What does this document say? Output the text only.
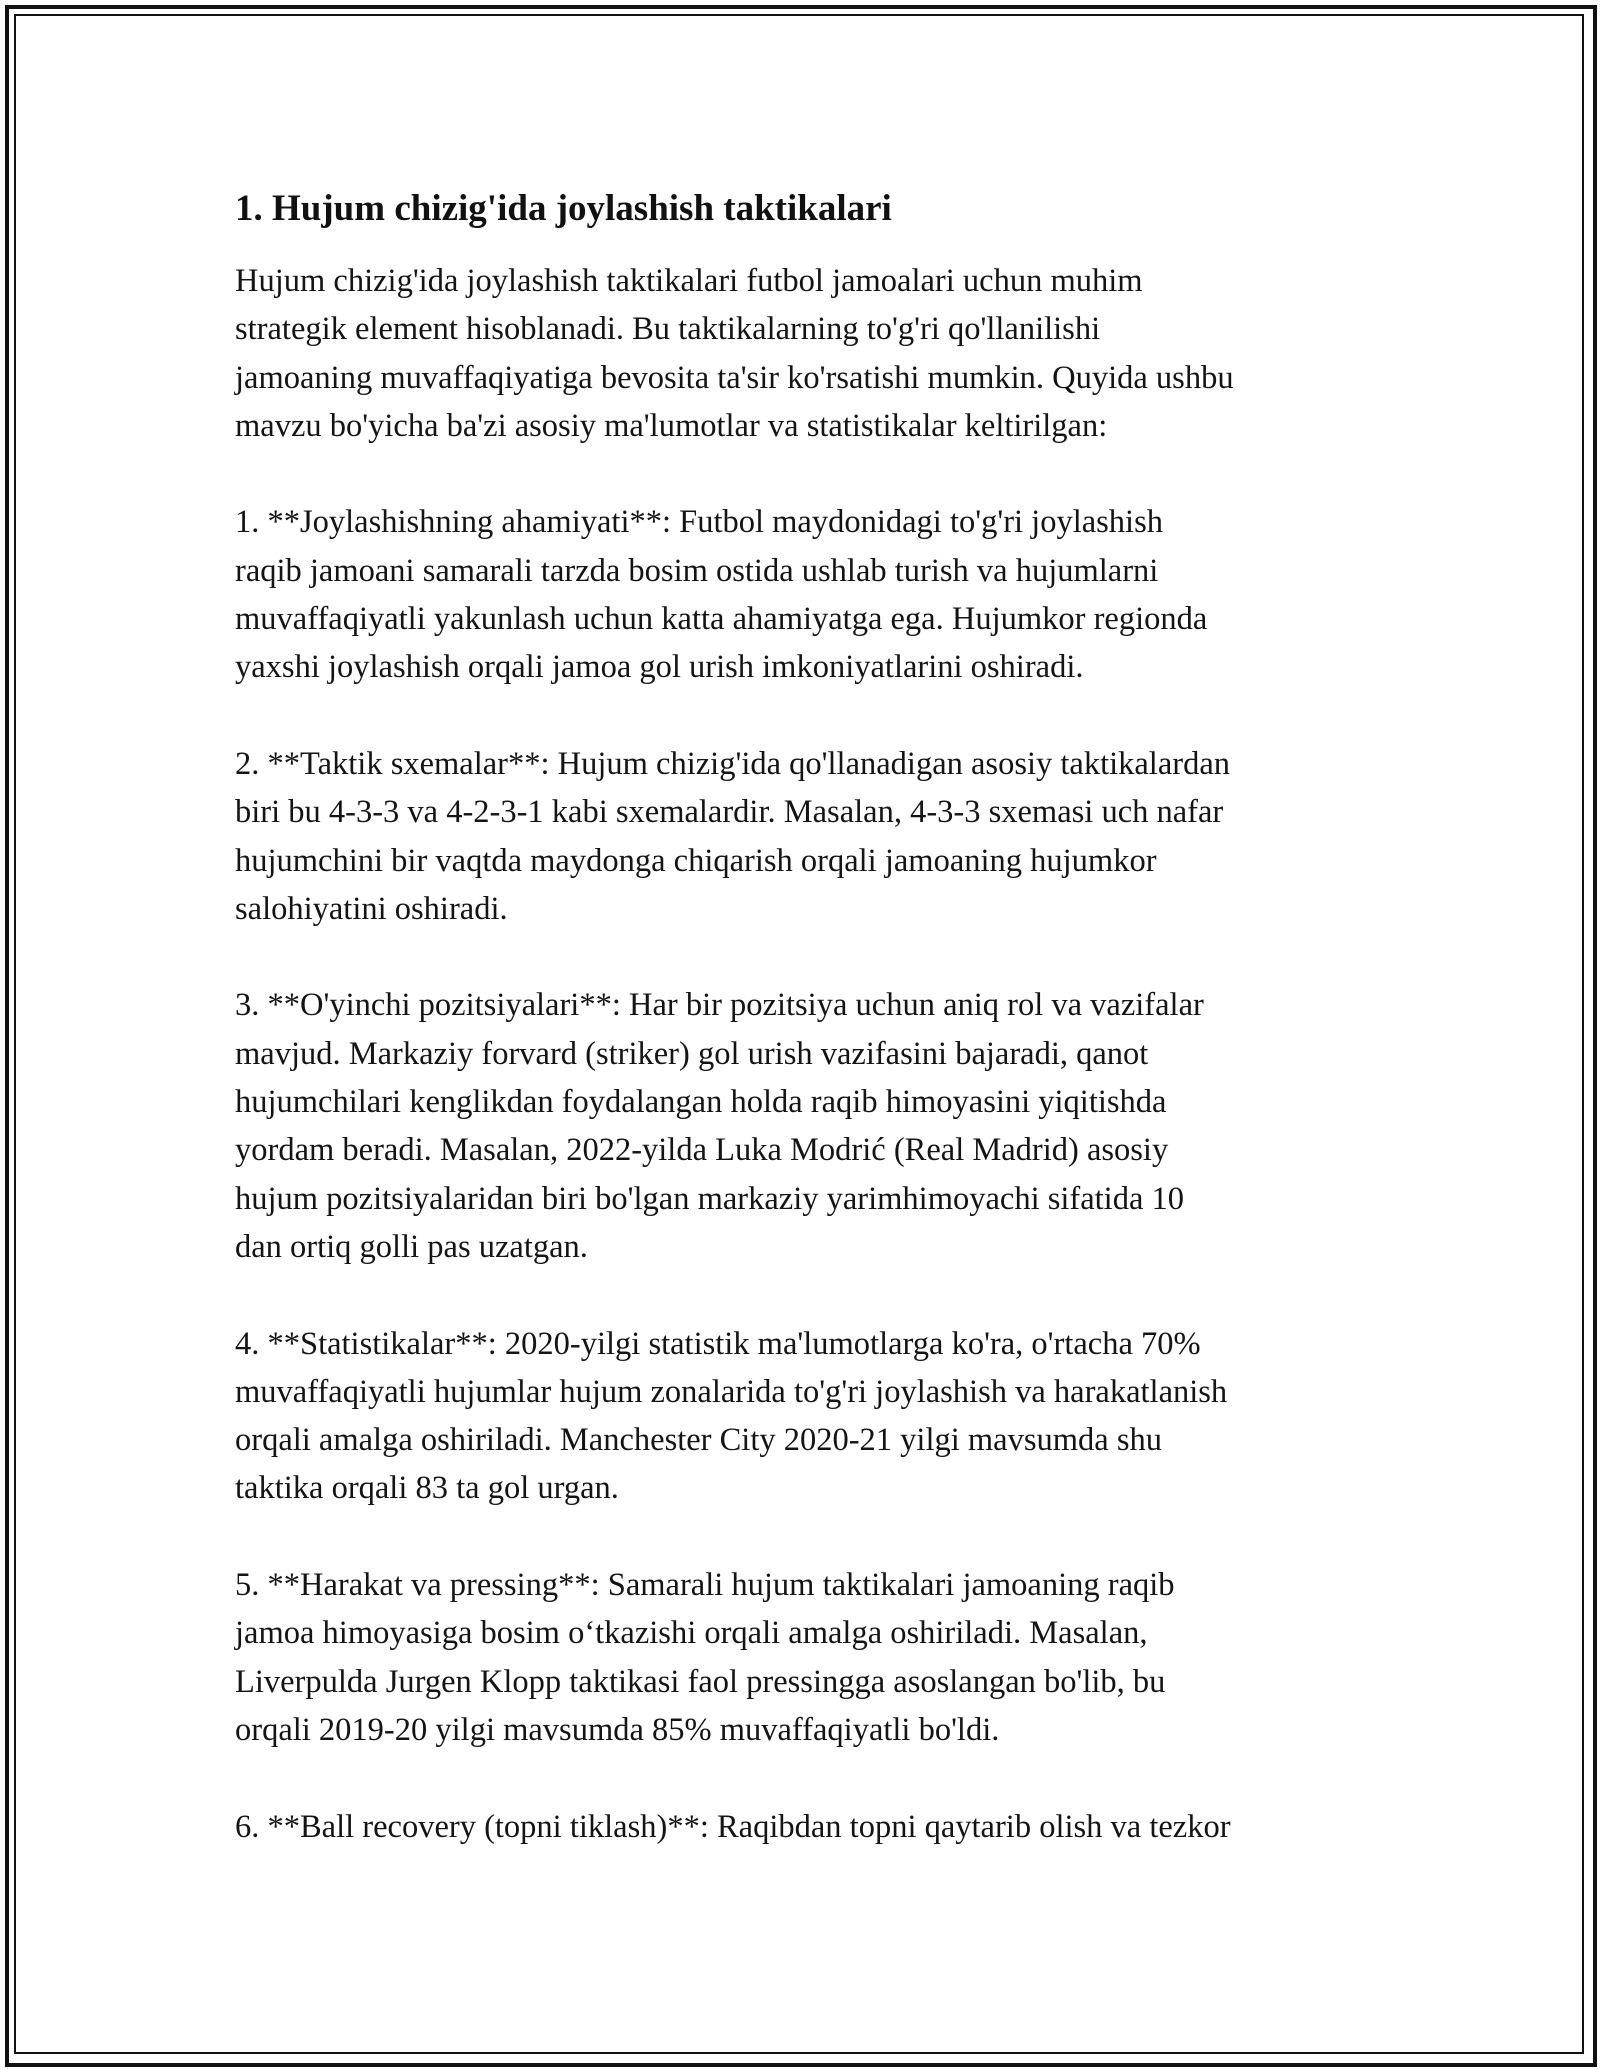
1. Hujum chizig'ida joylashish taktikalari

Hujum chizig'ida joylashish taktikalari futbol jamoalari uchun muhim
strategik element hisoblanadi. Bu taktikalarning to'g'ri qo'llanilishi
jamoaning muvaffaqiyatiga bevosita ta'sir ko'rsatishi mumkin. Quyida ushbu
mavzu bo'yicha ba'zi asosiy ma'lumotlar va statistikalar keltirilgan:

1. **Joylashishning ahamiyati**: Futbol maydonidagi to'g'ri joylashish
raqib jamoani samarali tarzda bosim ostida ushlab turish va hujumlarni
muvaffaqiyatli yakunlash uchun katta ahamiyatga ega. Hujumkor regionda
yaxshi joylashish orqali jamoa gol urish imkoniyatlarini oshiradi.

2. **Taktik sxemalar**: Hujum chizig'ida qo'llanadigan asosiy taktikalardan
biri bu 4-3-3 va 4-2-3-1 kabi sxemalardir. Masalan, 4-3-3 sxemasi uch nafar
hujumchini bir vaqtda maydonga chiqarish orqali jamoaning hujumkor
salohiyatini oshiradi.

3. **O'yinchi pozitsiyalari**: Har bir pozitsiya uchun aniq rol va vazifalar
mavjud. Markaziy forvard (striker) gol urish vazifasini bajaradi, qanot
hujumchilari kenglikdan foydalangan holda raqib himoyasini yiqitishda
yordam beradi. Masalan, 2022-yilda Luka Modrić (Real Madrid) asosiy
hujum pozitsiyalaridan biri bo'lgan markaziy yarimhimoyachi sifatida 10
dan ortiq golli pas uzatgan.

4. **Statistikalar**: 2020-yilgi statistik ma'lumotlarga ko'ra, o'rtacha 70%
muvaffaqiyatli hujumlar hujum zonalarida to'g'ri joylashish va harakatlanish
orqali amalga oshiriladi. Manchester City 2020-21 yilgi mavsumda shu
taktika orqali 83 ta gol urgan.

5. **Harakat va pressing**: Samarali hujum taktikalari jamoaning raqib
jamoa himoyasiga bosim oʻtkazishi orqali amalga oshiriladi. Masalan,
Liverpulda Jurgen Klopp taktikasi faol pressingga asoslangan bo'lib, bu
orqali 2019-20 yilgi mavsumda 85% muvaffaqiyatli bo'ldi.

6. **Ball recovery (topni tiklash)**: Raqibdan topni qaytarib olish va tezkor
